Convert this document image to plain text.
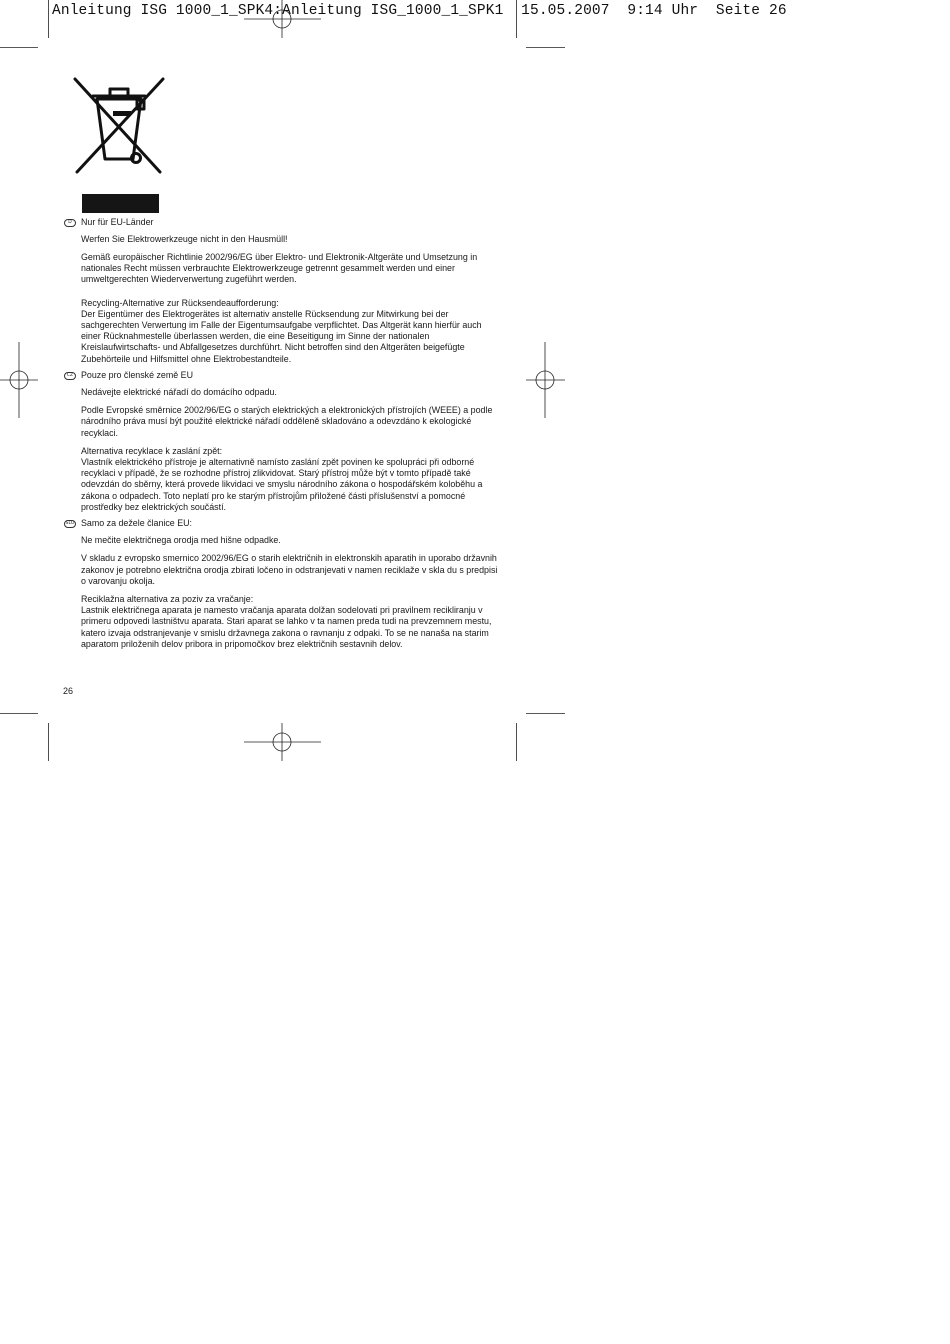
Anleitung ISG 1000_1_SPK4:Anleitung ISG_1000_1_SPK1  15.05.2007  9:14 Uhr  Seite 26
D	Nur für EU-Länder

Werfen Sie Elektrowerkzeuge nicht in den Hausmüll!

Gemäß europäischer Richtlinie 2002/96/EG über Elektro- und Elektronik-Altgeräte und Umsetzung in nationales Recht müssen verbrauchte Elektrowerkzeuge getrennt gesammelt werden und einer umweltgerechten Wiederverwertung zugeführt werden.

Recycling-Alternative zur Rücksendeaufforderung:

Der Eigentümer des Elektrogerätes ist alternativ anstelle Rücksendung zur Mitwirkung bei der sachgerechten Verwertung im Falle der Eigentumsaufgabe verpflichtet. Das Altgerät kann hierfür auch einer Rücknahmestelle überlassen werden, die eine Beseitigung im Sinne der nationalen Kreislaufwirtschafts- und Abfallgesetzes durchführt. Nicht betroffen sind den Altgeräten beigefügte Zubehörteile und Hilfsmittel ohne Elektrobestandteile.

CZ Pouze pro členské země EU

Nedávejte elektrické nářadí do domácího odpadu.

Podle Evropské směrnice 2002/96/EG o starých elektrických a elektronických přístrojích (WEEE) a podle národního práva musí být použité elektrické nářadí odděleně skladováno a odevzdáno k ekologické recyklaci.

Alternativa recyklace k zaslání zpět:

Vlastník elektrického přístroje je alternativně namísto zaslání zpět povinen ke spolupráci při odborné recyklaci v případě, že se rozhodne přístroj zlikvidovat. Starý přístroj může být v tomto případě také odevzdán do sběrny, která provede likvidaci ve smyslu národního zákona o hospodářském koloběhu a zákona o odpadech. Toto neplatí pro ke starým přístrojům přiložené části příslušenství a pomocné prostředky bez elektrických součástí.

SLO Samo za dežele članice EU:

Ne mečite električnega orodja med hišne odpadke.

V skladu z evropsko smernico 2002/96/EG o starih električnih in elektronskih aparatih in uporabo državnih zakonov je potrebno električna orodja zbirati ločeno in odstranjevati v namen reciklaže v skla du s predpisi o varovanju okolja.

Reciklažna alternativa za poziv za vračanje:

Lastnik električnega aparata je namesto vračanja aparata dolžan sodelovati pri pravilnem recikliranju v primeru odpovedi lastništvu aparata. Stari aparat se lahko v ta namen preda tudi na prevzemnem mestu, katero izvaja odstranjevanje v smislu državnega zakona o ravnanju z odpaki. To se ne nanaša na starim aparatom priloženih delov pribora in pripomočkov brez električnih sestavnih delov.

26
